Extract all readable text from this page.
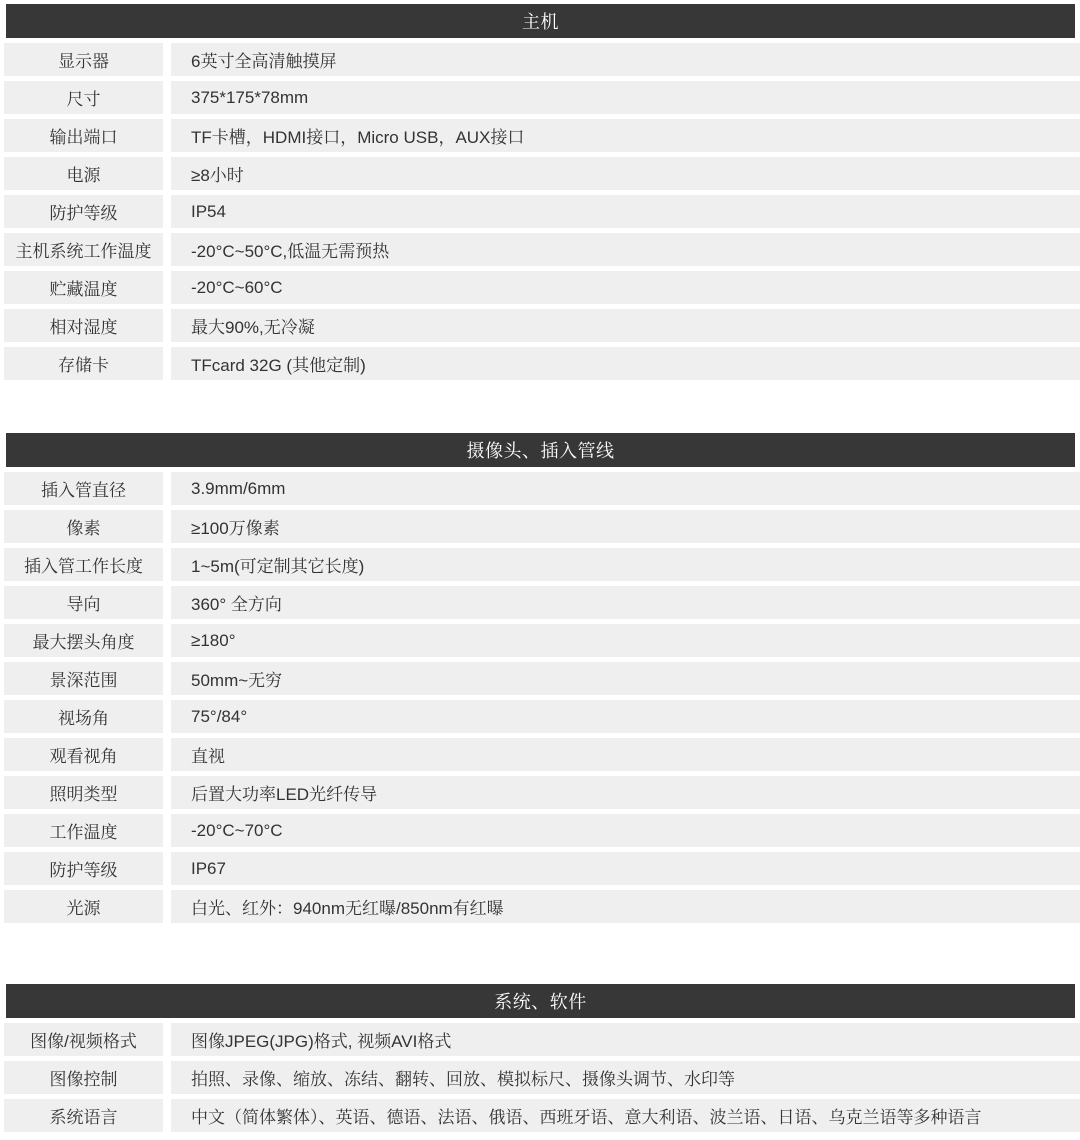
主机
显示器	6英寸全高清触摸屏
尺寸	375*175*78mm
输出端口	TF卡槽，HDMI接口，Micro USB，AUX接口
电源	≥8小时
防护等级	IP54
主机系统工作温度	-20°C~50°C,低温无需预热
贮藏温度	-20°C~60°C
相对湿度	最大90%,无冷凝
存储卡	TFcard 32G (其他定制)
摄像头、插入管线
插入管直径	3.9mm/6mm
像素	≥100万像素
插入管工作长度	1~5m(可定制其它长度)
导向	360° 全方向
最大摆头角度	≥180°
景深范围	50mm~无穷
视场角	75°/84°
观看视角	直视
照明类型	后置大功率LED光纤传导
工作温度	-20°C~70°C
防护等级	IP67
光源	白光、红外：940nm无红曝/850nm有红曝
系统、软件
图像/视频格式	图像JPEG(JPG)格式, 视频AVI格式
图像控制	拍照、录像、缩放、冻结、翻转、回放、模拟标尺、摄像头调节、水印等
系统语言	中文（简体繁体）、英语、德语、法语、俄语、西班牙语、意大利语、波兰语、日语、乌克兰语等多种语言
